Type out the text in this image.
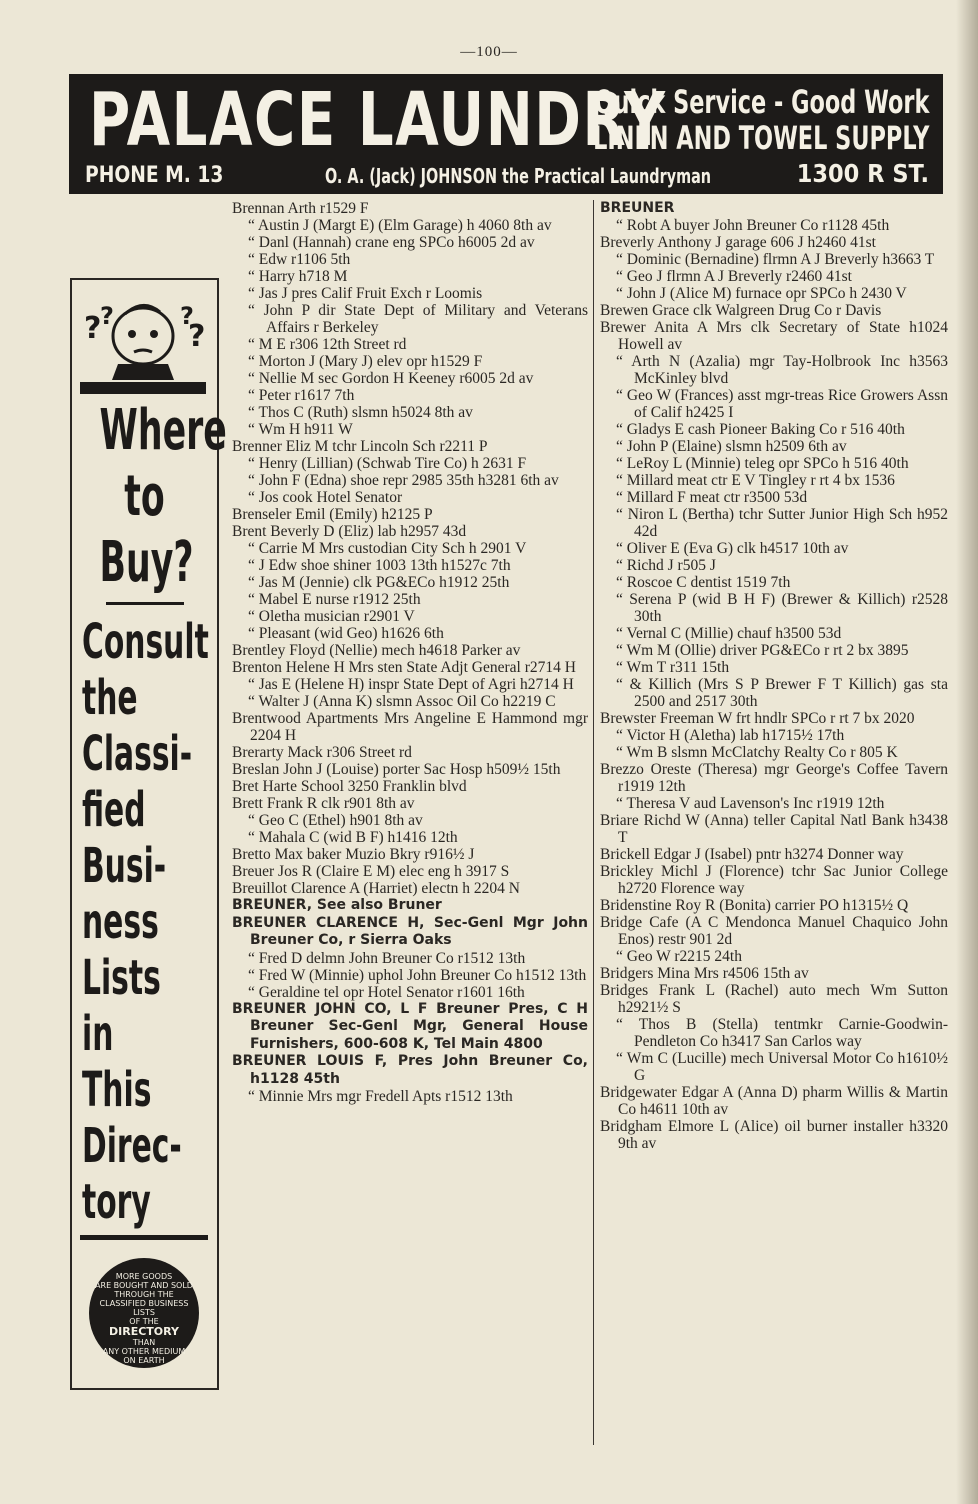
—100—
PALACE LAUNDRY
Quick Service - Good Work
LINEN AND TOWEL SUPPLY
PHONE M. 13	O. A. (Jack) JOHNSON the Practical Laundryman	1300 R ST.
?
?	?
?
Where
to
Buy?
Consult
the
Classi-
fied
Busi-
ness
Lists
in
This
Direc-
tory
MORE GOODS
ARE BOUGHT AND SOLD
THROUGH THE
CLASSIFIED BUSINESS LISTS
OF THE
DIRECTORY
THAN
ANY OTHER MEDIUM
ON EARTH

Brennan Arth r1529 F

“ Austin J (Margt E) (Elm Garage) h 4060 8th av

“ Danl (Hannah) crane eng SPCo h6005 2d av

“ Edw r1106 5th

“ Harry h718 M

“ Jas J pres Calif Fruit Exch r Loomis

“ John P dir State Dept of Military and Veterans Affairs r Berkeley

“ M E r306 12th Street rd

“ Morton J (Mary J) elev opr h1529 F

“ Nellie M sec Gordon H Keeney r6005 2d av

“ Peter r1617 7th

“ Thos C (Ruth) slsmn h5024 8th av

“ Wm H h911 W

Brenner Eliz M tchr Lincoln Sch r2211 P

“ Henry (Lillian) (Schwab Tire Co) h 2631 F

“ John F (Edna) shoe repr 2985 35th h3281 6th av

“ Jos cook Hotel Senator

Brenseler Emil (Emily) h2125 P

Brent Beverly D (Eliz) lab h2957 43d

“ Carrie M Mrs custodian City Sch h 2901 V

“ J Edw shoe shiner 1003 13th h1527c 7th

“ Jas M (Jennie) clk PG&ECo h1912 25th

“ Mabel E nurse r1912 25th

“ Oletha musician r2901 V

“ Pleasant (wid Geo) h1626 6th

Brentley Floyd (Nellie) mech h4618 Parker av

Brenton Helene H Mrs sten State Adjt General r2714 H

“ Jas E (Helene H) inspr State Dept of Agri h2714 H

“ Walter J (Anna K) slsmn Assoc Oil Co h2219 C

Brentwood Apartments Mrs Angeline E Hammond mgr 2204 H

Brerarty Mack r306 Street rd

Breslan John J (Louise) porter Sac Hosp h509½ 15th

Bret Harte School 3250 Franklin blvd

Brett Frank R clk r901 8th av

“ Geo C (Ethel) h901 8th av

“ Mahala C (wid B F) h1416 12th

Bretto Max baker Muzio Bkry r916½ J

Breuer Jos R (Claire E M) elec eng h 3917 S

Breuillot Clarence A (Harriet) electn h 2204 N

BREUNER, See also Bruner

BREUNER CLARENCE H, Sec-Genl Mgr John Breuner Co, r Sierra Oaks

“ Fred D delmn John Breuner Co r1512 13th

“ Fred W (Minnie) uphol John Breuner Co h1512 13th

“ Geraldine tel opr Hotel Senator r1601 16th

BREUNER JOHN CO, L F Breuner Pres, C H Breuner Sec-Genl Mgr, General House Furnishers, 600-608 K, Tel Main 4800

BREUNER LOUIS F, Pres John Breuner Co, h1128 45th

“ Minnie Mrs mgr Fredell Apts r1512 13th

BREUNER

“ Robt A buyer John Breuner Co r1128 45th

Breverly Anthony J garage 606 J h2460 41st

“ Dominic (Bernadine) flrmn A J Breverly h3663 T

“ Geo J flrmn A J Breverly r2460 41st

“ John J (Alice M) furnace opr SPCo h 2430 V

Brewen Grace clk Walgreen Drug Co r Davis

Brewer Anita A Mrs clk Secretary of State h1024 Howell av

“ Arth N (Azalia) mgr Tay-Holbrook Inc h3563 McKinley blvd

“ Geo W (Frances) asst mgr-treas Rice Growers Assn of Calif h2425 I

“ Gladys E cash Pioneer Baking Co r 516 40th

“ John P (Elaine) slsmn h2509 6th av

“ LeRoy L (Minnie) teleg opr SPCo h 516 40th

“ Millard meat ctr E V Tingley r rt 4 bx 1536

“ Millard F meat ctr r3500 53d

“ Niron L (Bertha) tchr Sutter Junior High Sch h952 42d

“ Oliver E (Eva G) clk h4517 10th av

“ Richd J r505 J

“ Roscoe C dentist 1519 7th

“ Serena P (wid B H F) (Brewer & Killich) r2528 30th

“ Vernal C (Millie) chauf h3500 53d

“ Wm M (Ollie) driver PG&ECo r rt 2 bx 3895

“ Wm T r311 15th

“ & Killich (Mrs S P Brewer F T Killich) gas sta 2500 and 2517 30th

Brewster Freeman W frt hndlr SPCo r rt 7 bx 2020

“ Victor H (Aletha) lab h1715½ 17th

“ Wm B slsmn McClatchy Realty Co r 805 K

Brezzo Oreste (Theresa) mgr George's Coffee Tavern r1919 12th

“ Theresa V aud Lavenson's Inc r1919 12th

Briare Richd W (Anna) teller Capital Natl Bank h3438 T

Brickell Edgar J (Isabel) pntr h3274 Donner way

Brickley Michl J (Florence) tchr Sac Junior College h2720 Florence way

Bridenstine Roy R (Bonita) carrier PO h1315½ Q

Bridge Cafe (A C Mendonca Manuel Chaquico John Enos) restr 901 2d

“ Geo W r2215 24th

Bridgers Mina Mrs r4506 15th av

Bridges Frank L (Rachel) auto mech Wm Sutton h2921½ S

“ Thos B (Stella) tentmkr Carnie-Goodwin-Pendleton Co h3417 San Carlos way

“ Wm C (Lucille) mech Universal Motor Co h1610½ G

Bridgewater Edgar A (Anna D) pharm Willis & Martin Co h4611 10th av

Bridgham Elmore L (Alice) oil burner installer h3320 9th av
